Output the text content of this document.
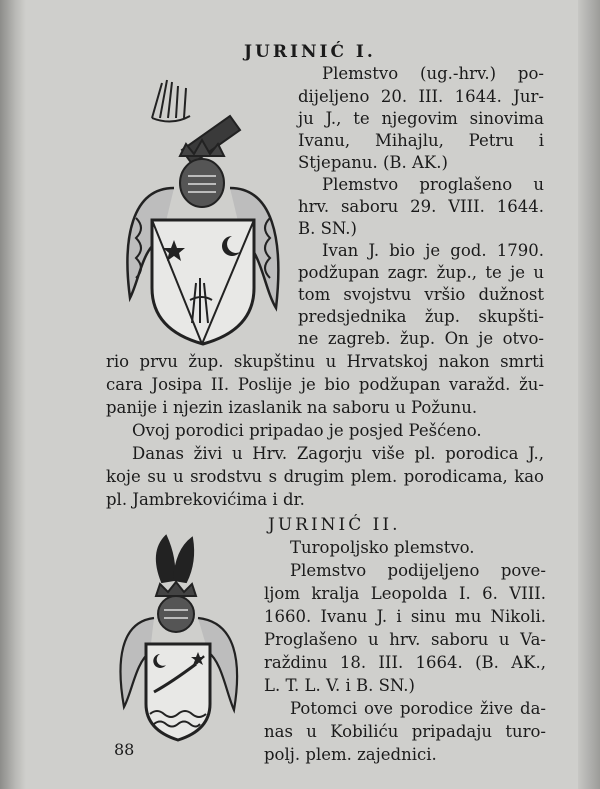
JURINIĆ I.
Plemstvo (ug.-hrv.) po-
dijeljeno 20. III. 1644. Jur-
ju J., te njegovim sinovima
Ivanu, Mihajlu, Petru i
Stjepanu. (B. AK.)
Plemstvo proglašeno u
hrv. saboru 29. VIII. 1644.
B. SN.)
Ivan J. bio je god. 1790.
podžupan zagr. žup., te je u
tom svojstvu vršio dužnost
predsjednika žup. skupšti-
ne zagreb. žup. On je otvo-
rio prvu žup. skupštinu u Hrvatskoj nakon smrti
cara Josipa II. Poslije je bio podžupan varažd. žu-
panije i njezin izaslanik na saboru u Požunu.
Ovoj porodici pripadao je posjed Pešćeno.
Danas živi u Hrv. Zagorju više pl. porodica J.,
koje su u srodstvu s drugim plem. porodicama, kao
pl. Jambrekovićima i dr.
JURINIĆ II.
Turopoljsko plemstvo.
Plemstvo podijeljeno pove-
ljom kralja Leopolda I. 6. VIII.
1660. Ivanu J. i sinu mu Nikoli.
Proglašeno u hrv. saboru u Va-
raždinu 18. III. 1664. (B. AK.,
L. T. L. V. i B. SN.)
Potomci ove porodice žive da-
nas u Kobiliću pripadaju turo-
polj. plem. zajednici.
88
